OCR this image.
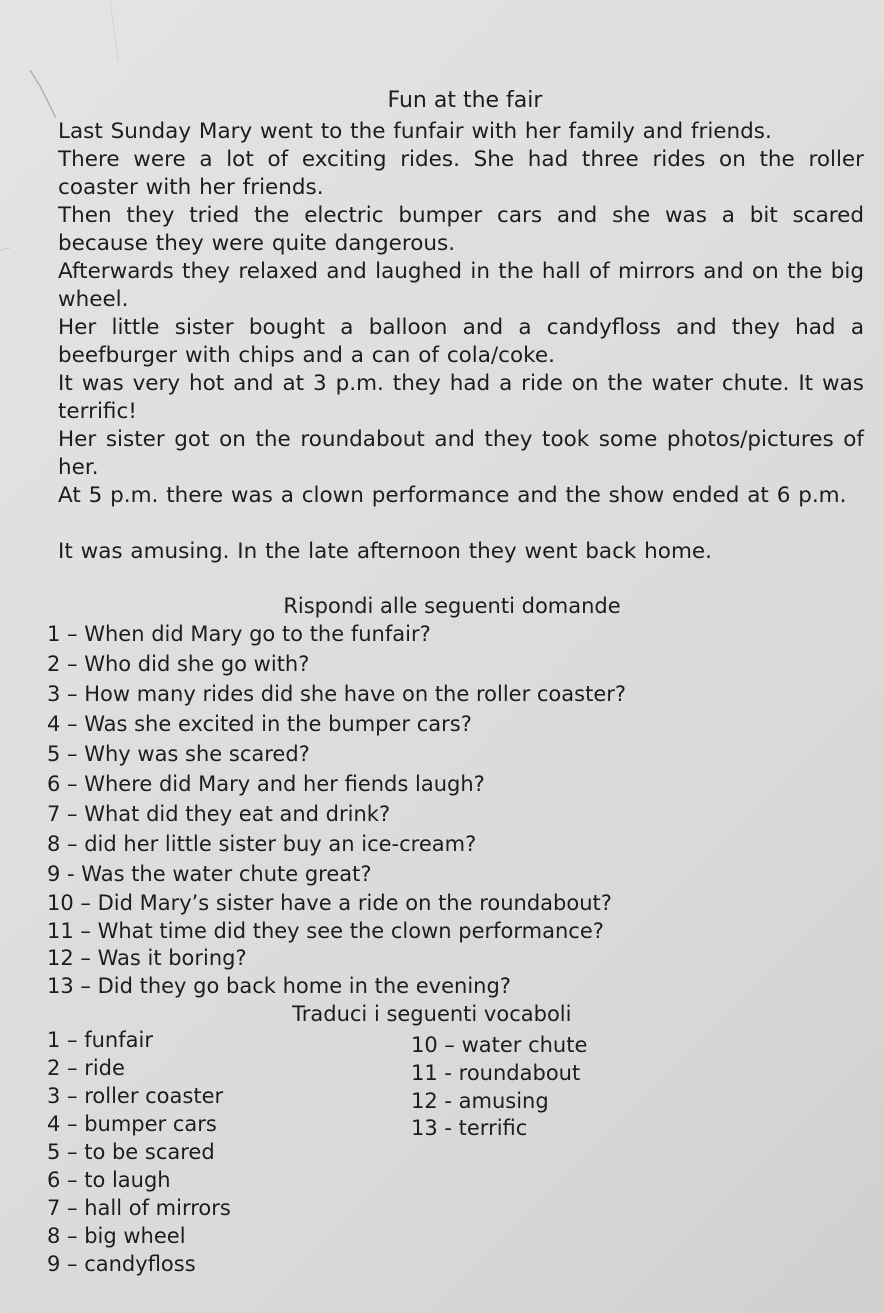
Fun at the fair
Last Sunday Mary went to the funfair with her family and friends.
There were a lot of exciting rides. She had three rides on the roller coaster with her friends.
Then they tried the electric bumper cars and she was a bit scared because they were quite dangerous.
Afterwards they relaxed and laughed in the hall of mirrors and on the big wheel.
Her little sister bought a balloon and a candyfloss and they had a beefburger with chips and a can of cola/coke.
It was very hot and at 3 p.m. they had a ride on the water chute. It was terrific!
Her sister got on the roundabout and they took some photos/pictures of her.
At 5 p.m. there was a clown performance and the show ended at 6 p.m.
It was amusing. In the late afternoon they went back home.
Rispondi alle seguenti domande
1 – When did Mary go to the funfair?
2 – Who did she go with?
3 – How many rides did she have on the roller coaster?
4 – Was she excited in the bumper cars?
5 – Why was she scared?
6 – Where did Mary and her fiends laugh?
7 – What did they eat and drink?
8 – did her little sister buy an ice-cream?
9 - Was the water chute great?
10 – Did Mary’s sister have a ride on the roundabout?
11 – What time did they see the clown performance?
12 – Was it boring?
13 – Did they go back home in the evening?
Traduci i seguenti vocaboli
1 – funfair
2 – ride
3 – roller coaster
4 – bumper cars
5 – to be scared
6 – to laugh
7 – hall of mirrors
8 – big wheel
9 – candyfloss
10 – water chute
11 - roundabout
12 - amusing
13 - terrific
